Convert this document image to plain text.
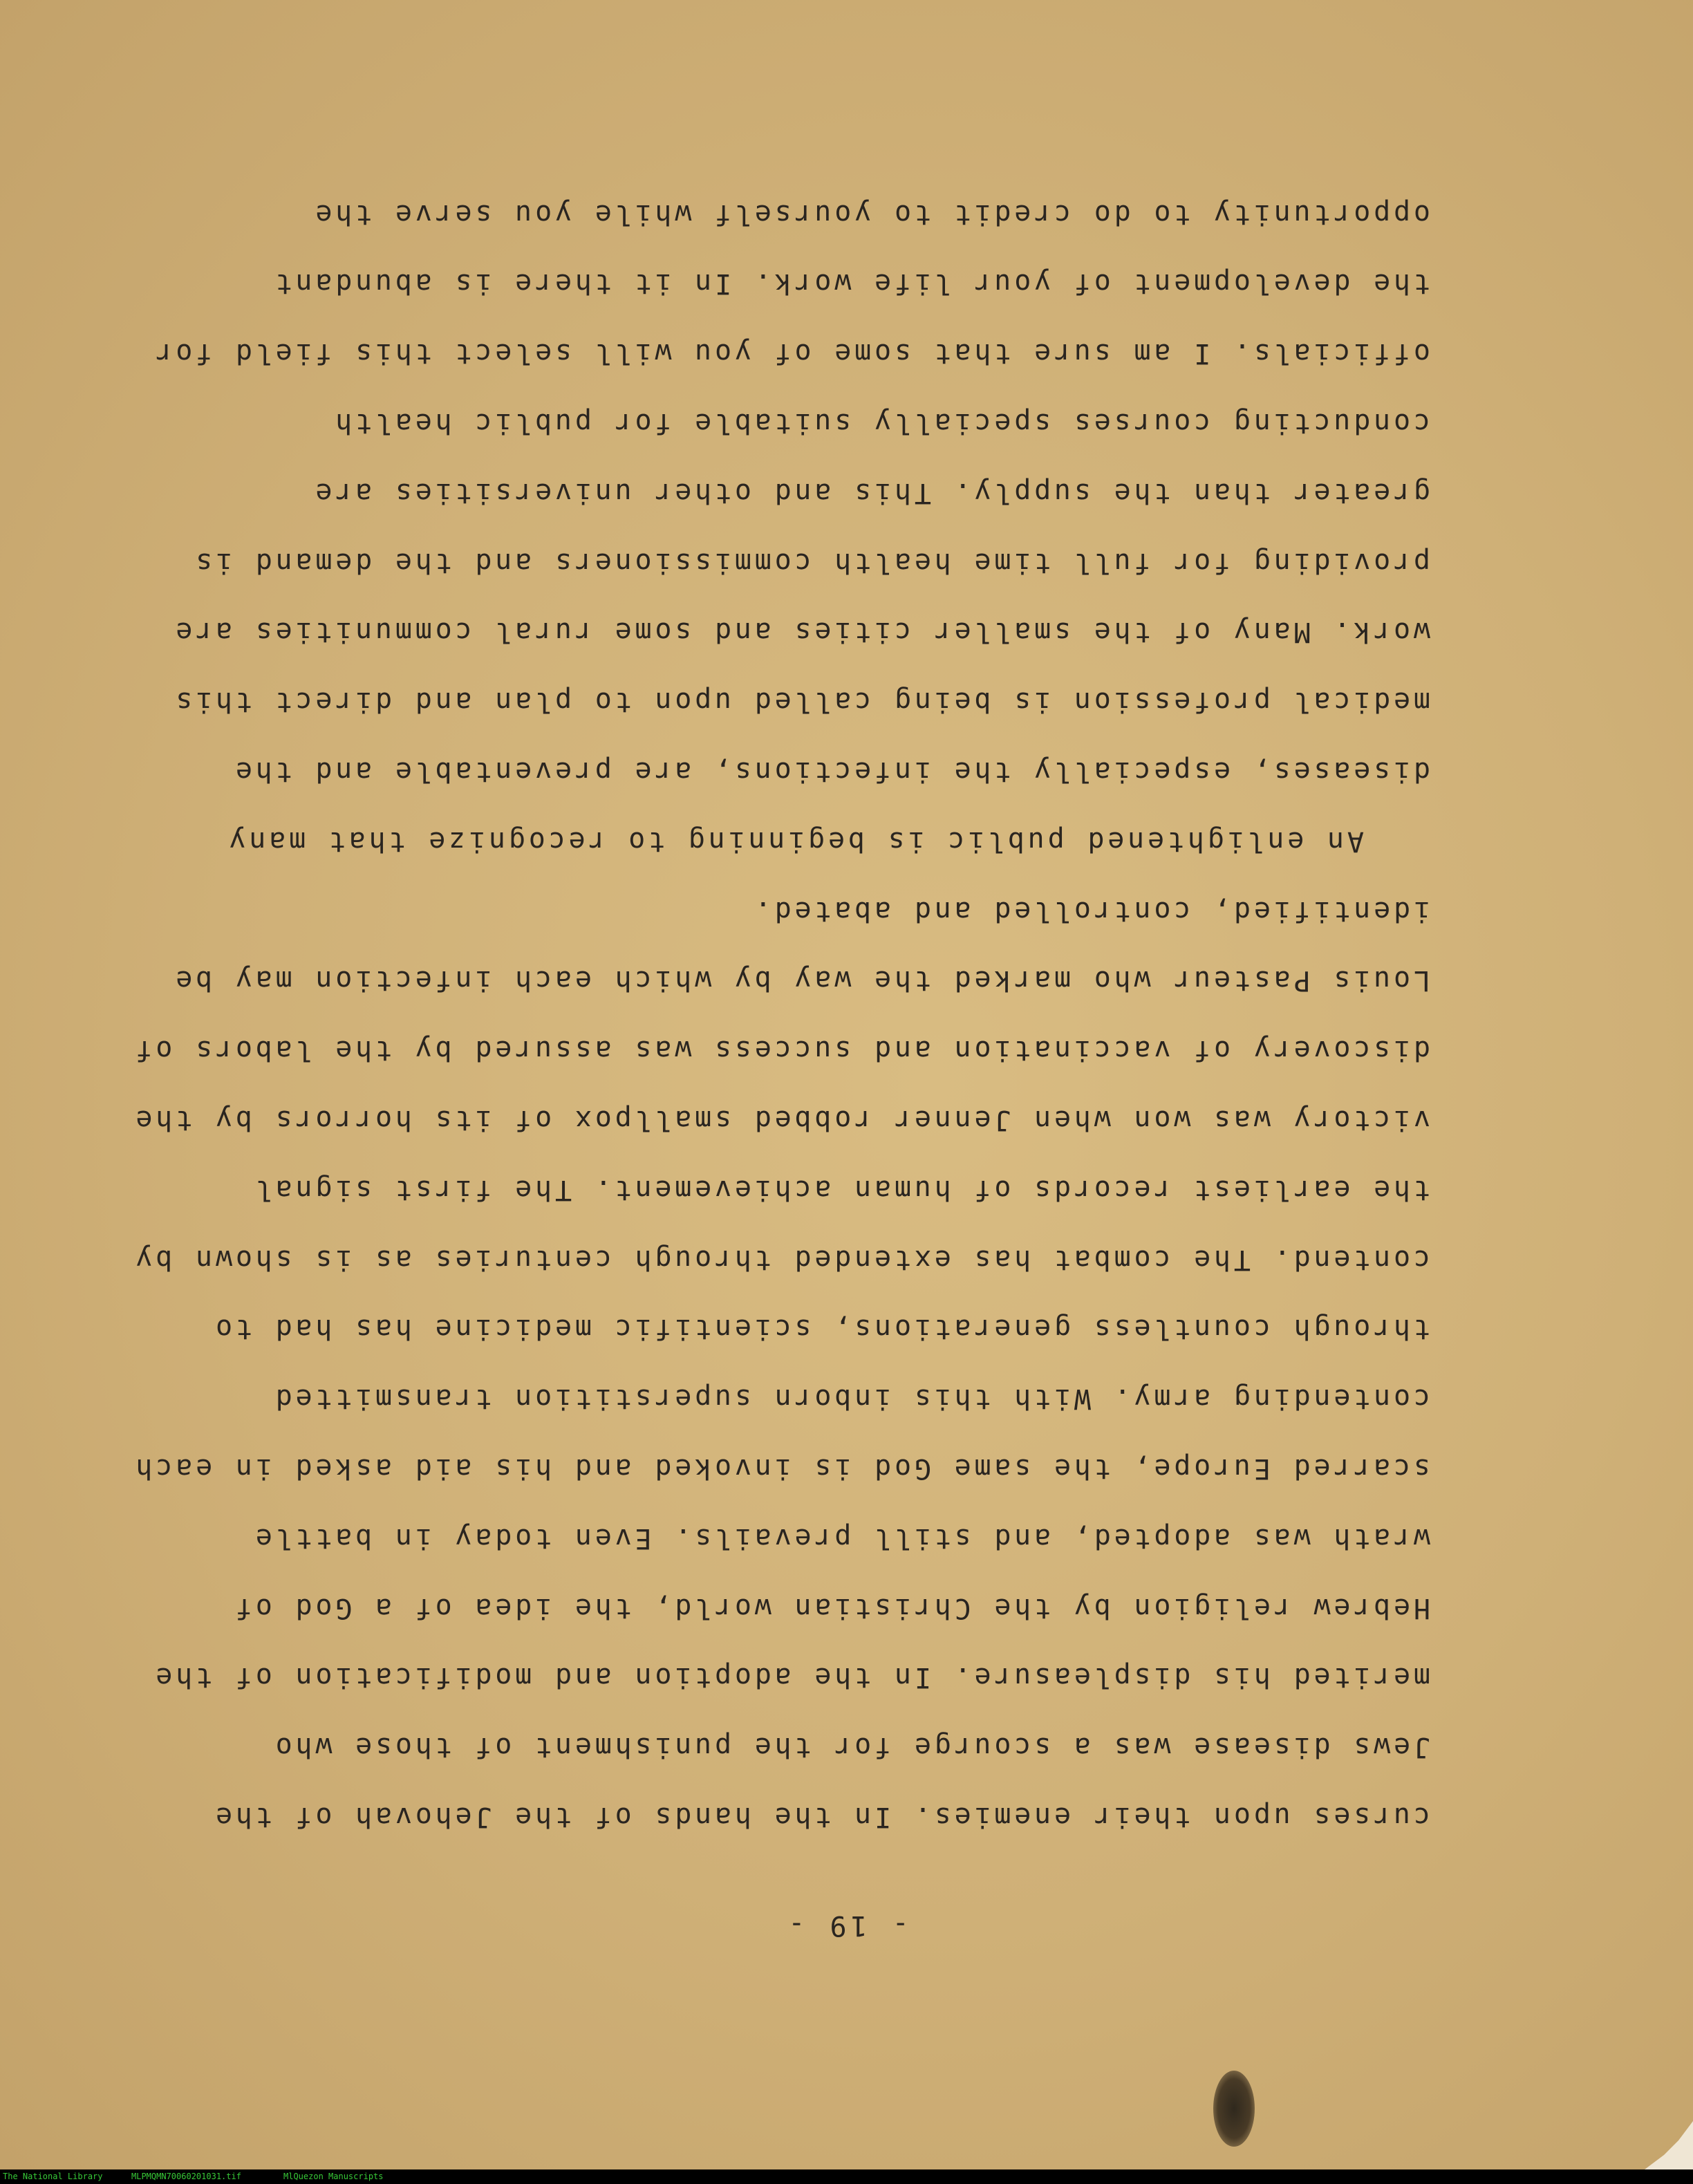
- 19 -

curses upon their enemies. In the hands of the Jehovah of the Jews disease was a scourge for the punishment of those who merited his displeasure. In the adoption and modification of the Hebrew religion by the Christian world, the idea of a God of wrath was adopted, and still prevails. Even today in battle scarred Europe, the same God is invoked and his aid asked in each contending army. With this inborn superstition transmitted through countless generations, scientific medicine has had to contend. The combat has extended through centuries as is shown by the earliest records of human achievement. The first signal victory was won when Jenner robbed smallpox of its horrors by the discovery of vaccination and success was assured by the labors of Louis Pasteur who marked the way by which each infection may be identified, controlled and abated.

An enlightened public is beginning to recognize that many diseases, especially the infections, are preventable and the medical profession is being called upon to plan and direct this work. Many of the smaller cities and some rural communities are providing for full time health commissioners and the demand is greater than the supply. This and other universities are conducting courses specially suitable for public health officials. I am sure that some of you will select this field for the development of your life work. In it there is abundant opportunity to do credit to yourself while you serve the

The National Library	MLPMQMN70060201031.tif	MlQuezon Manuscripts
